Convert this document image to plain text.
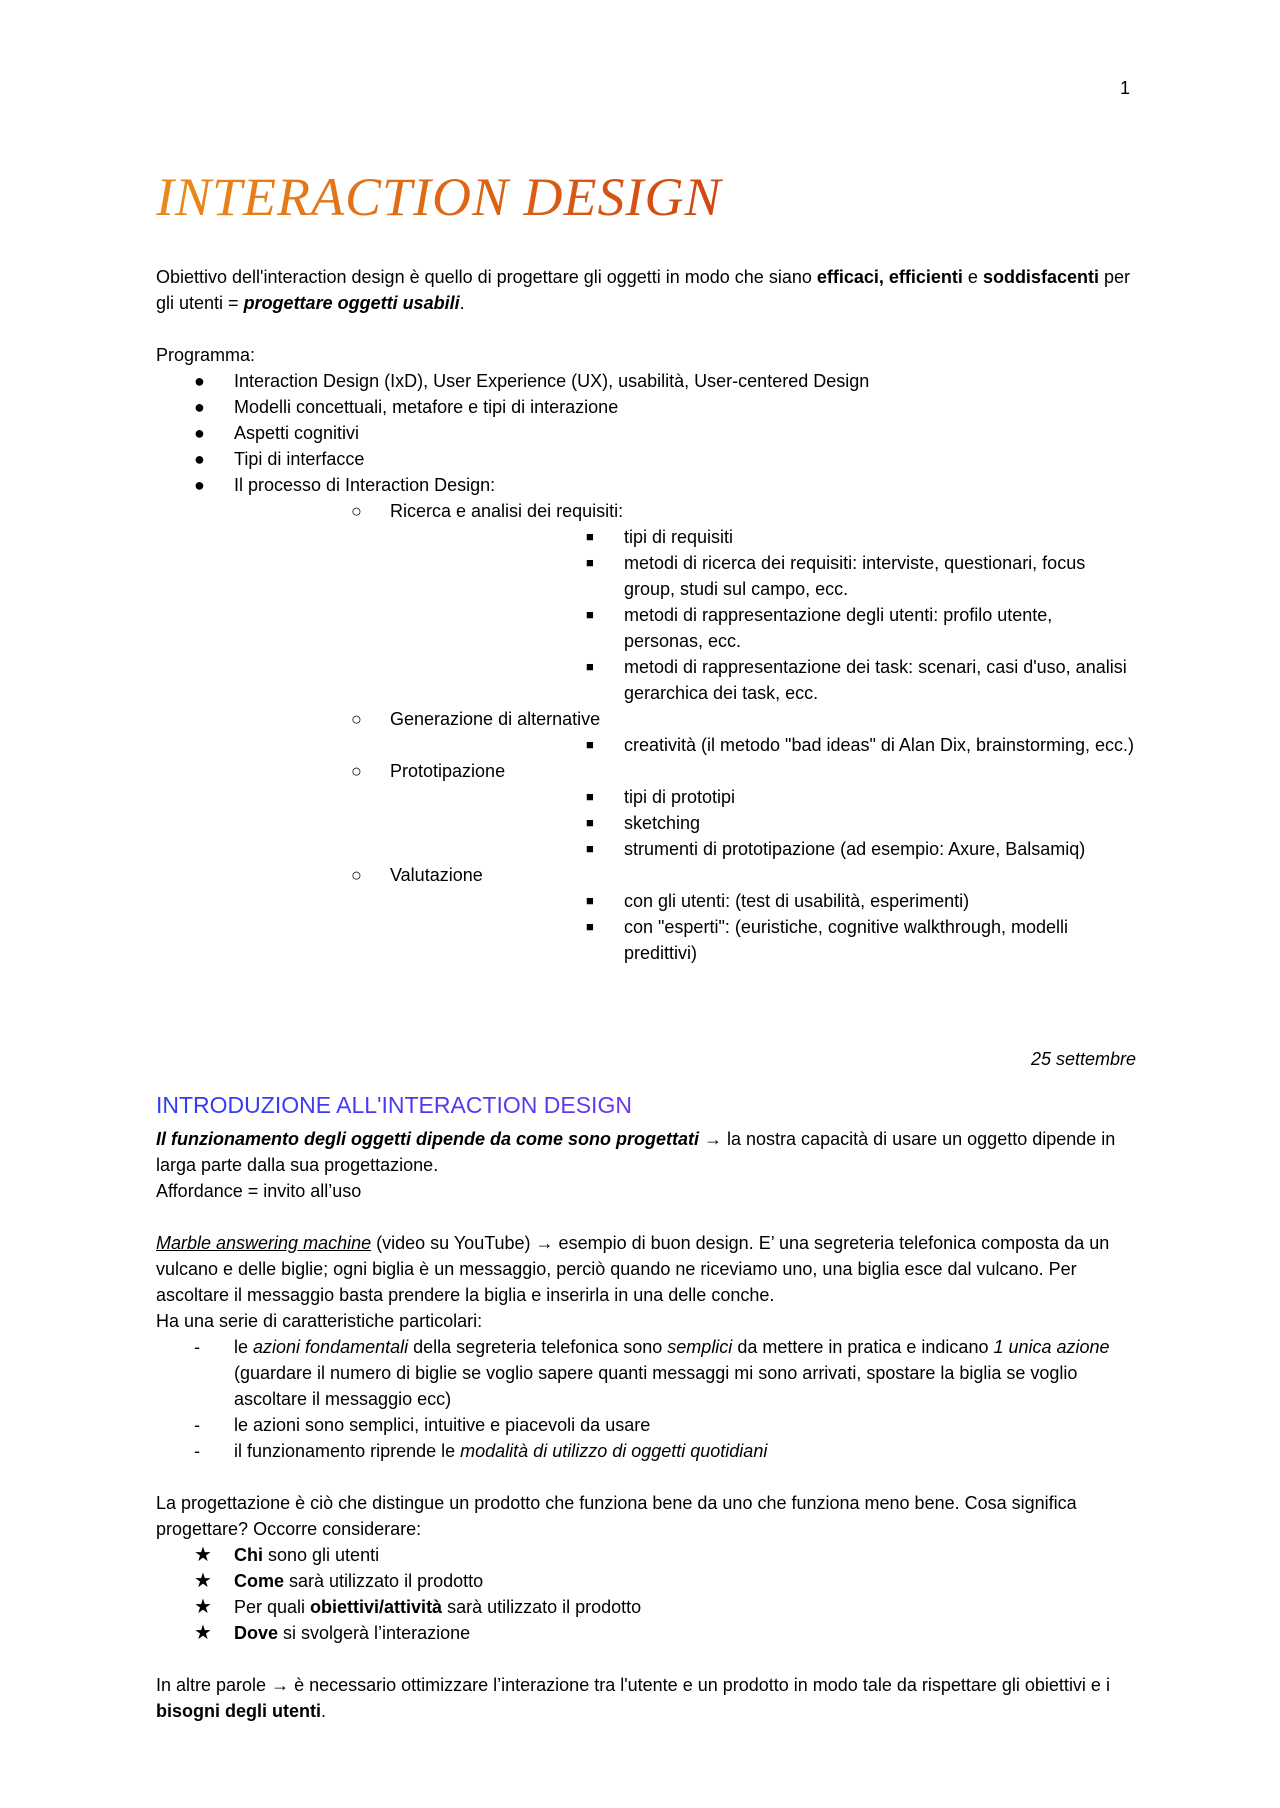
1
INTERACTION DESIGN

Obiettivo dell'interaction design è quello di progettare gli oggetti in modo che siano efficaci, efficienti e soddisfacenti per gli utenti = progettare oggetti usabili.

Programma:

● Interaction Design (IxD), User Experience (UX), usabilità, User-centered Design
● Modelli concettuali, metafore e tipi di interazione
● Aspetti cognitivi
● Tipi di interfacce
● Il processo di Interaction Design:
○ Ricerca e analisi dei requisiti:
■ tipi di requisiti
■ metodi di ricerca dei requisiti: interviste, questionari, focus group, studi sul campo, ecc.
■ metodi di rappresentazione degli utenti: profilo utente, personas, ecc.
■ metodi di rappresentazione dei task: scenari, casi d'uso, analisi gerarchica dei task, ecc.
○ Generazione di alternative
■ creatività (il metodo "bad ideas" di Alan Dix, brainstorming, ecc.)
○ Prototipazione
■ tipi di prototipi
■ sketching
■ strumenti di prototipazione (ad esempio: Axure, Balsamiq)
○ Valutazione
■ con gli utenti: (test di usabilità, esperimenti)
■ con "esperti": (euristiche, cognitive walkthrough, modelli predittivi)

25 settembre

INTRODUZIONE ALL'INTERACTION DESIGN

Il funzionamento degli oggetti dipende da come sono progettati → la nostra capacità di usare un oggetto dipende in larga parte dalla sua progettazione.

Affordance = invito all’uso

Marble answering machine (video su YouTube) → esempio di buon design. E’ una segreteria telefonica composta da un vulcano e delle biglie; ogni biglia è un messaggio, perciò quando ne riceviamo uno, una biglia esce dal vulcano. Per ascoltare il messaggio basta prendere la biglia e inserirla in una delle conche.

Ha una serie di caratteristiche particolari:

- le azioni fondamentali della segreteria telefonica sono semplici da mettere in pratica e indicano 1 unica azione (guardare il numero di biglie se voglio sapere quanti messaggi mi sono arrivati, spostare la biglia se voglio ascoltare il messaggio ecc)
- le azioni sono semplici, intuitive e piacevoli da usare
- il funzionamento riprende le modalità di utilizzo di oggetti quotidiani

La progettazione è ciò che distingue un prodotto che funziona bene da uno che funziona meno bene. Cosa significa progettare? Occorre considerare:

★ Chi sono gli utenti
★ Come sarà utilizzato il prodotto
★ Per quali obiettivi/attività sarà utilizzato il prodotto
★ Dove si svolgerà l’interazione

In altre parole → è necessario ottimizzare l’interazione tra l'utente e un prodotto in modo tale da rispettare gli obiettivi e i bisogni degli utenti.
